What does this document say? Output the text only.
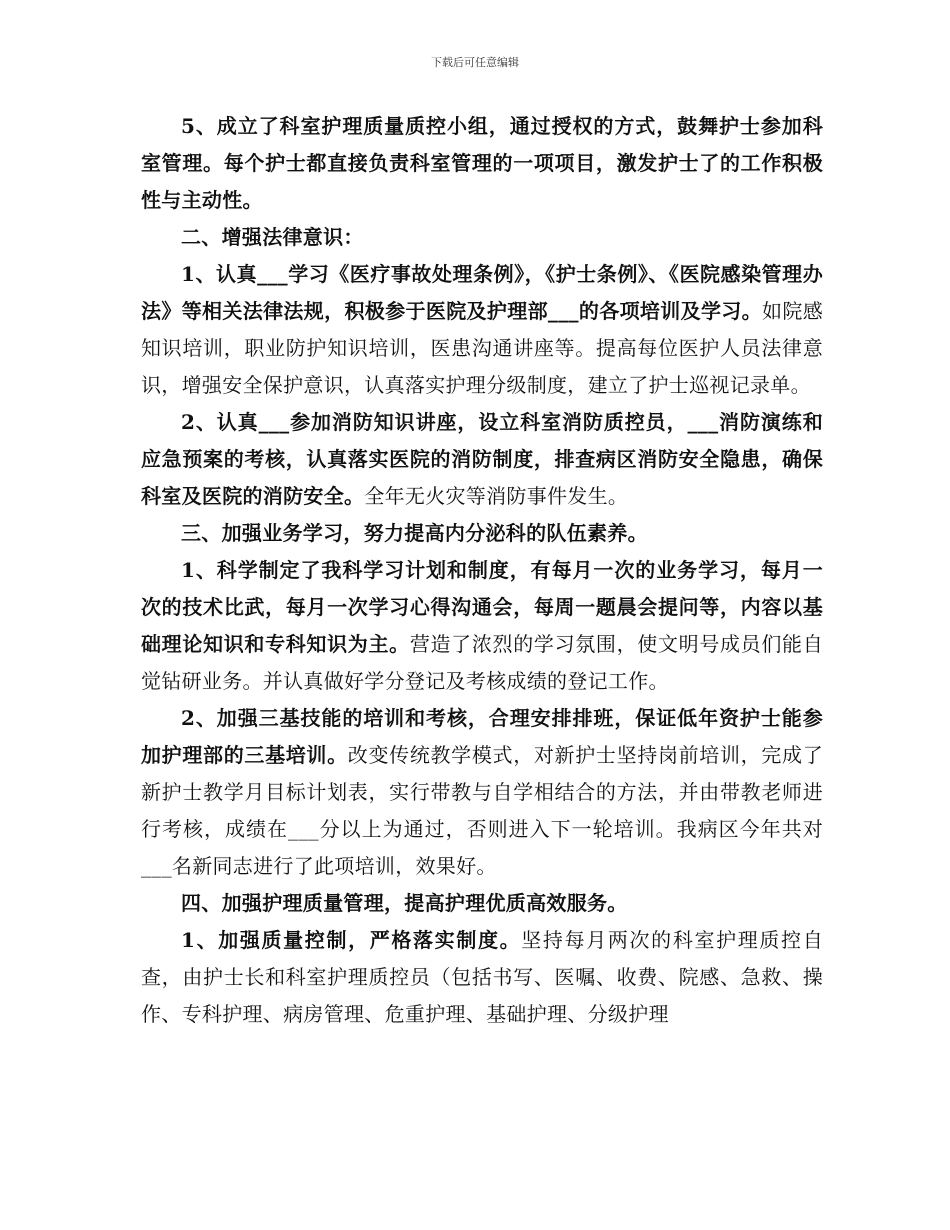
下载后可任意编辑

5、成立了科室护理质量质控小组，通过授权的方式，鼓舞护士参加科室管理。每个护士都直接负责科室管理的一项项目，激发护士了的工作积极性与主动性。

二、增强法律意识：

1、认真___学习《医疗事故处理条例》，《护士条例》、《医院感染管理办法》等相关法律法规，积极参于医院及护理部___的各项培训及学习。如院感知识培训，职业防护知识培训，医患沟通讲座等。提高每位医护人员法律意识，增强安全保护意识，认真落实护理分级制度，建立了护士巡视记录单。

2、认真___参加消防知识讲座，设立科室消防质控员，___消防演练和应急预案的考核，认真落实医院的消防制度，排查病区消防安全隐患，确保科室及医院的消防安全。全年无火灾等消防事件发生。

三、加强业务学习，努力提高内分泌科的队伍素养。

1、科学制定了我科学习计划和制度，有每月一次的业务学习，每月一次的技术比武，每月一次学习心得沟通会，每周一题晨会提问等，内容以基础理论知识和专科知识为主。营造了浓烈的学习氛围，使文明号成员们能自觉钻研业务。并认真做好学分登记及考核成绩的登记工作。

2、加强三基技能的培训和考核，合理安排排班，保证低年资护士能参加护理部的三基培训。改变传统教学模式，对新护士坚持岗前培训，完成了新护士教学月目标计划表，实行带教与自学相结合的方法，并由带教老师进行考核，成绩在___分以上为通过，否则进入下一轮培训。我病区今年共对___名新同志进行了此项培训，效果好。

四、加强护理质量管理，提高护理优质高效服务。

1、加强质量控制，严格落实制度。坚持每月两次的科室护理质控自查，由护士长和科室护理质控员（包括书写、医嘱、收费、院感、急救、操作、专科护理、病房管理、危重护理、基础护理、分级护理
